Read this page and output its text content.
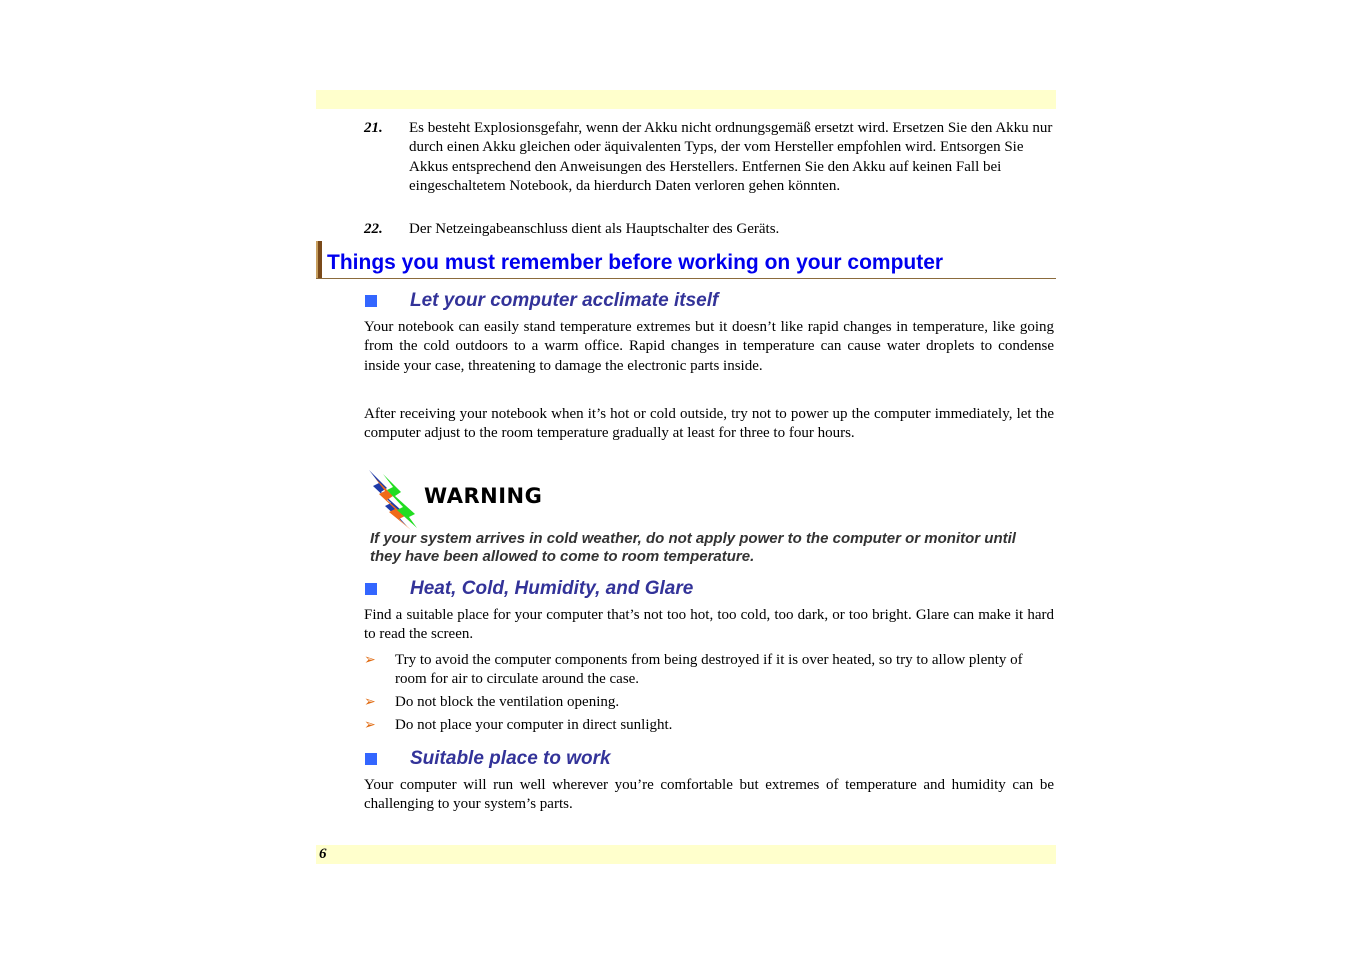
21. Es besteht Explosionsgefahr, wenn der Akku nicht ordnungsgemäß ersetzt wird. Ersetzen Sie den Akku nur durch einen Akku gleichen oder äquivalenten Typs, der vom Hersteller empfohlen wird. Entsorgen Sie Akkus entsprechend den Anweisungen des Herstellers. Entfernen Sie den Akku auf keinen Fall bei eingeschaltetem Notebook, da hierdurch Daten verloren gehen könnten.
22. Der Netzeingabeanschluss dient als Hauptschalter des Geräts.
Things you must remember before working on your computer
Let your computer acclimate itself

Your notebook can easily stand temperature extremes but it doesn’t like rapid changes in temperature, like going from the cold outdoors to a warm office. Rapid changes in temperature can cause water droplets to condense inside your case, threatening to damage the electronic parts inside.

After receiving your notebook when it’s hot or cold outside, try not to power up the computer immediately, let the computer adjust to the room temperature gradually at least for three to four hours.

WARNING
If your system arrives in cold weather, do not apply power to the computer or monitor until they have been allowed to come to room temperature.
Heat, Cold, Humidity, and Glare

Find a suitable place for your computer that’s not too hot, too cold, too dark, or too bright. Glare can make it hard to read the screen.

➢ Try to avoid the computer components from being destroyed if it is over heated, so try to allow plenty of room for air to circulate around the case.
➢ Do not block the ventilation opening.
➢ Do not place your computer in direct sunlight.
Suitable place to work

Your computer will run well wherever you’re comfortable but extremes of temperature and humidity can be challenging to your system’s parts.

6
